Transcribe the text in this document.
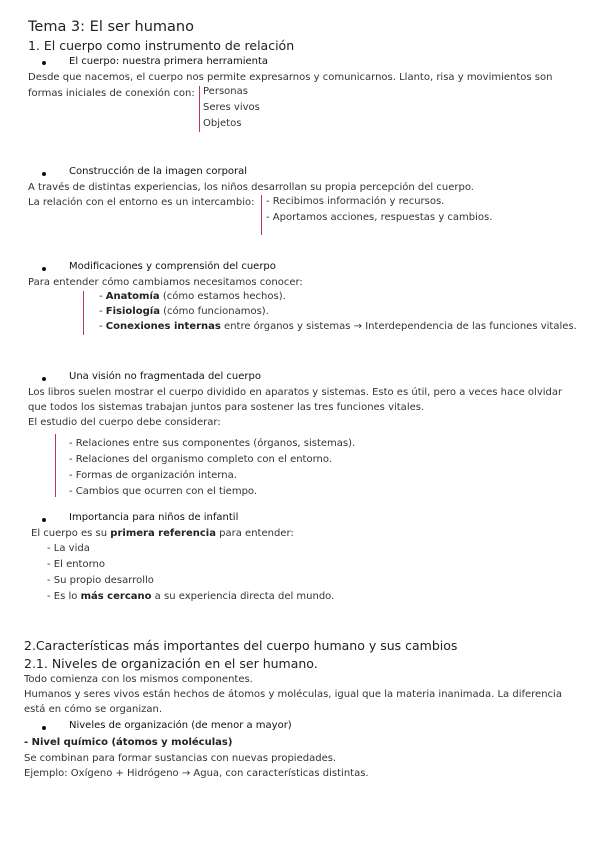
Tema 3: El ser humano
1. El cuerpo como instrumento de relación
El cuerpo: nuestra primera herramienta
Desde que nacemos, el cuerpo nos permite expresarnos y comunicarnos. Llanto, risa y movimientos son
formas iniciales de conexión con: Personas
Seres vivos
Objetos
Construcción de la imagen corporal
A través de distintas experiencias, los niños desarrollan su propia percepción del cuerpo.
La relación con el entorno es un intercambio: - Recibimos información y recursos.
- Aportamos acciones, respuestas y cambios.
Modificaciones y comprensión del cuerpo
Para entender cómo cambiamos necesitamos conocer:
- Anatomía (cómo estamos hechos).
- Fisiología (cómo funcionamos).
- Conexiones internas entre órganos y sistemas → Interdependencia de las funciones vitales.
Una visión no fragmentada del cuerpo
Los libros suelen mostrar el cuerpo dividido en aparatos y sistemas. Esto es útil, pero a veces hace olvidar
que todos los sistemas trabajan juntos para sostener las tres funciones vitales.
El estudio del cuerpo debe considerar:
- Relaciones entre sus componentes (órganos, sistemas).
- Relaciones del organismo completo con el entorno.
- Formas de organización interna.
- Cambios que ocurren con el tiempo.
Importancia para niños de infantil
El cuerpo es su primera referencia para entender:
- La vida
- El entorno
- Su propio desarrollo
- Es lo más cercano a su experiencia directa del mundo.
2.Características más importantes del cuerpo humano y sus cambios
2.1. Niveles de organización en el ser humano.
Todo comienza con los mismos componentes.
Humanos y seres vivos están hechos de átomos y moléculas, igual que la materia inanimada. La diferencia
está en cómo se organizan.
Niveles de organización (de menor a mayor)
- Nivel químico (átomos y moléculas)
Se combinan para formar sustancias con nuevas propiedades.
Ejemplo: Oxígeno + Hidrógeno → Agua, con características distintas.
